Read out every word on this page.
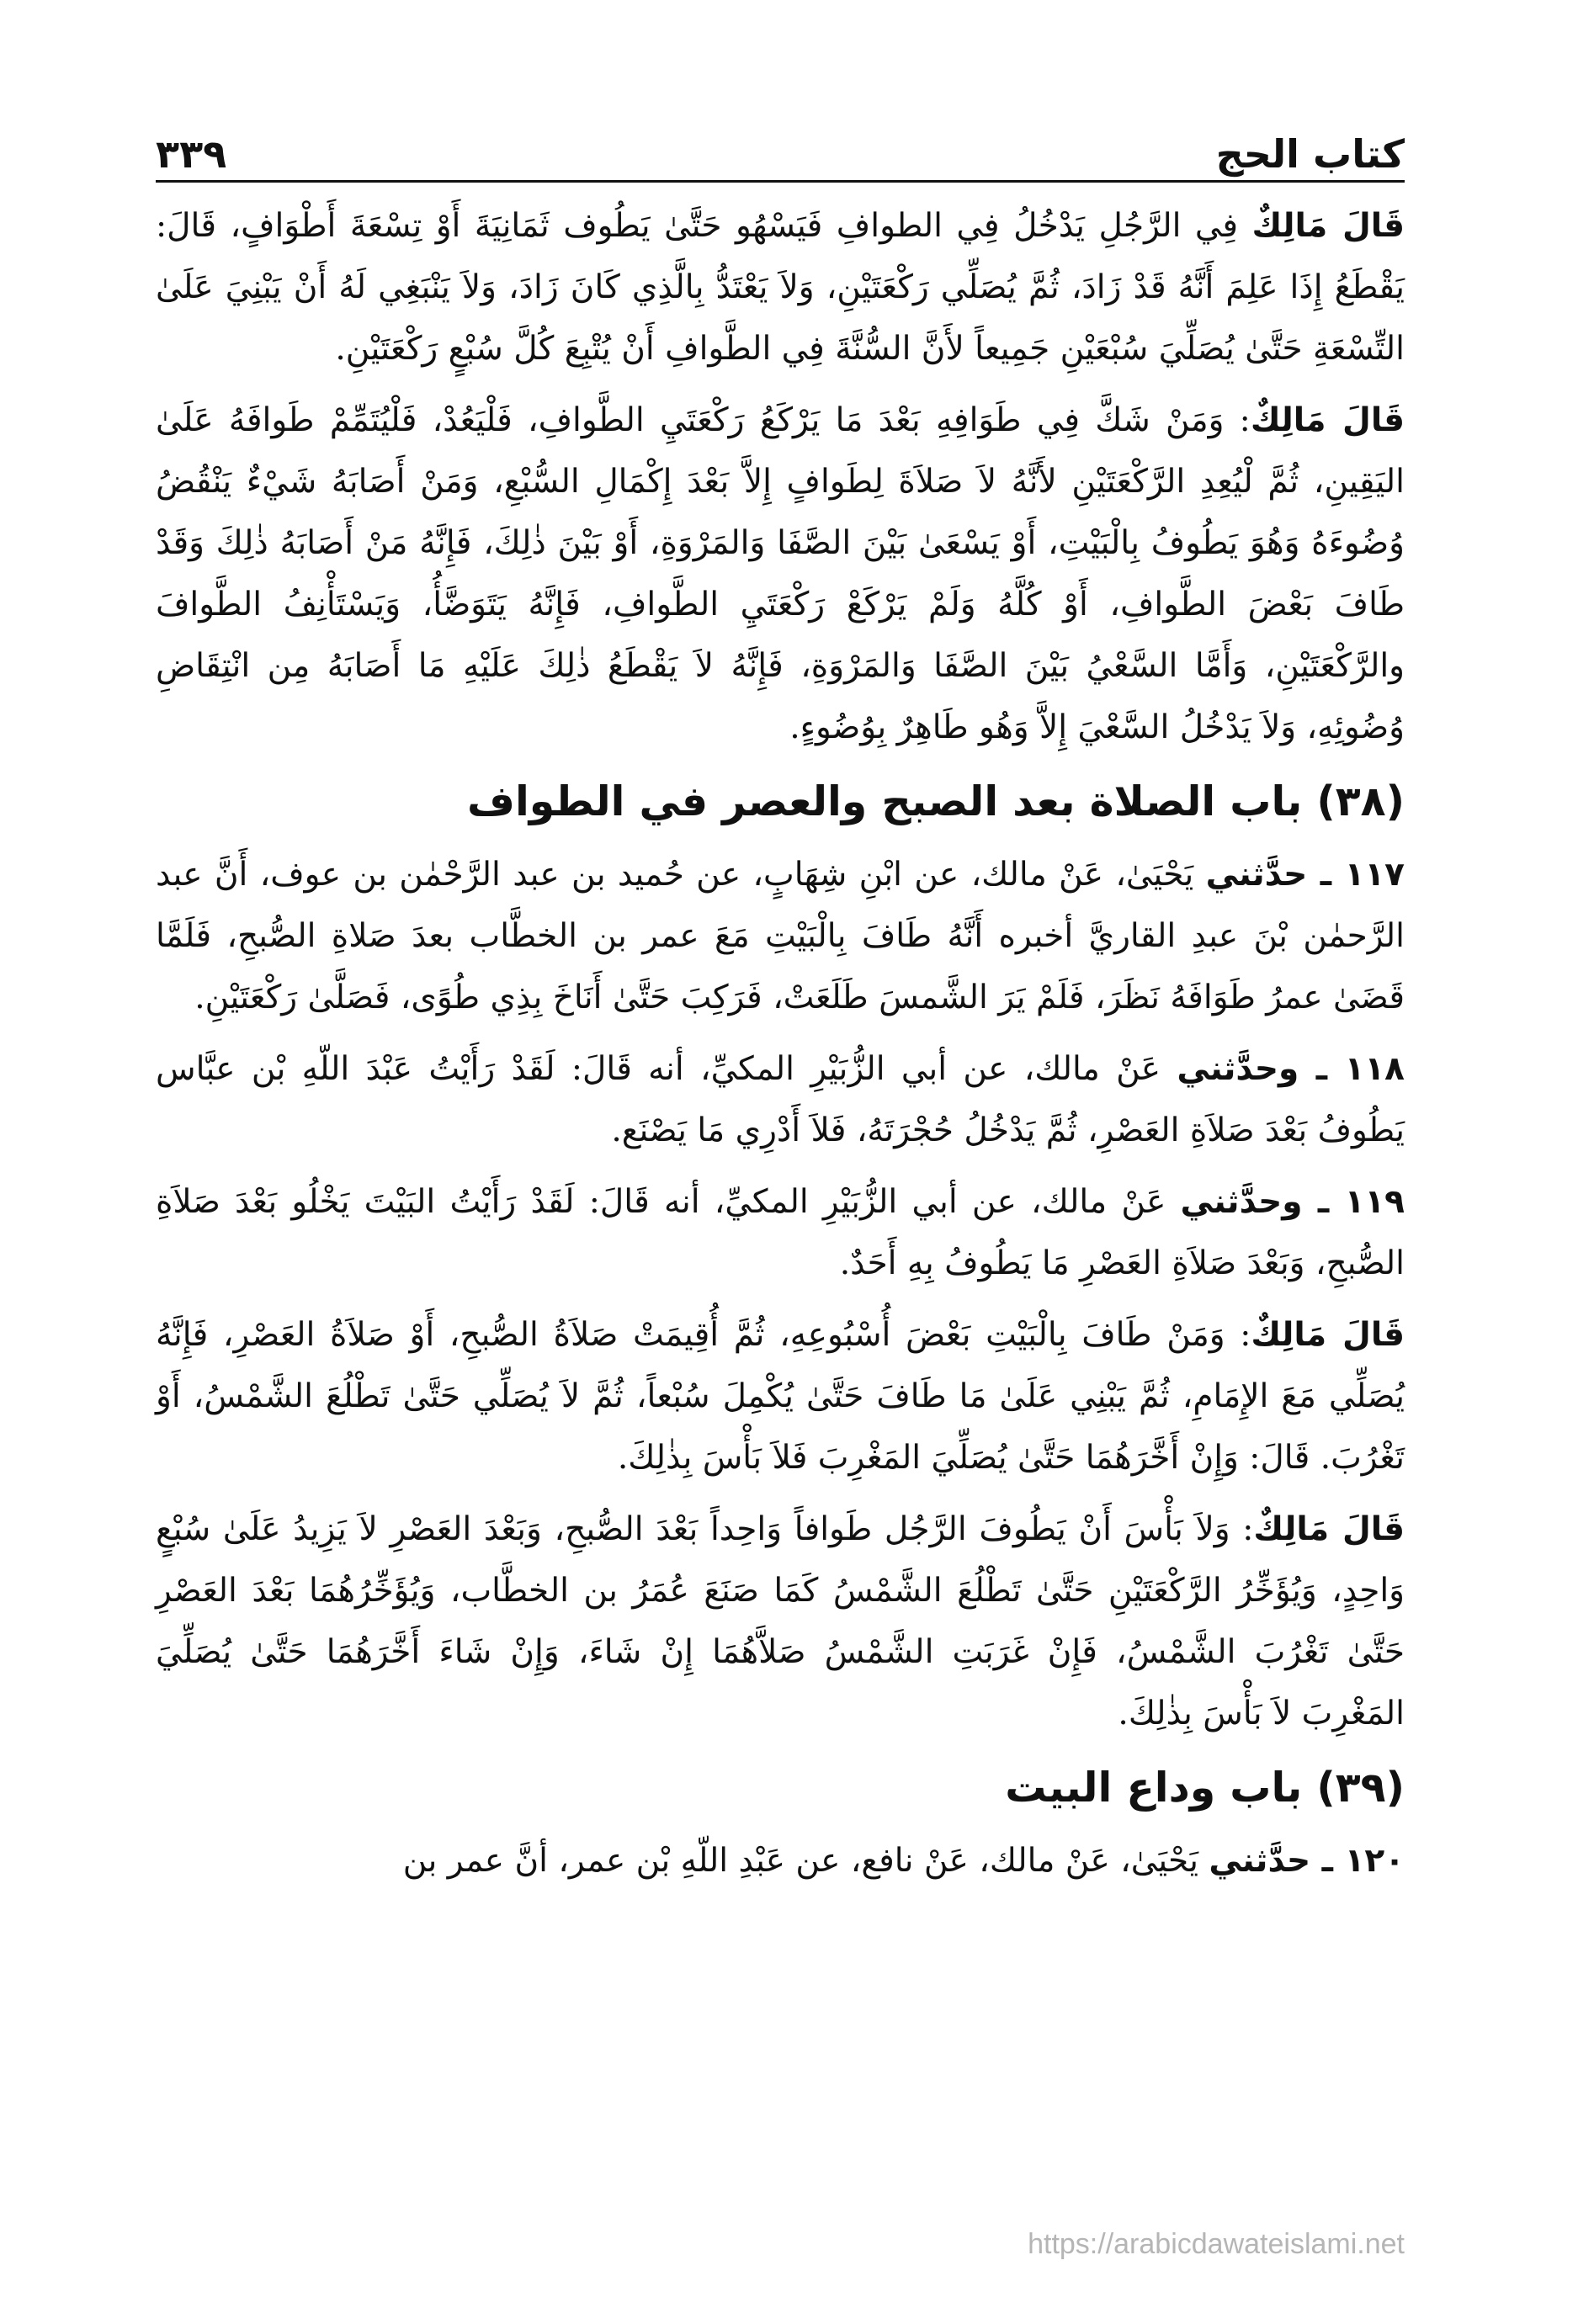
كتاب الحج
٣٣٩

قَالَ مَالِكٌ فِي الرَّجُلِ يَدْخُلُ فِي الطوافِ فَيَسْهُو حَتَّىٰ يَطُوف ثَمَانِيَةَ أَوْ تِسْعَةَ أَطْوَافٍ، قَالَ: يَقْطَعُ إِذَا عَلِمَ أَنَّهُ قَدْ زَادَ، ثُمَّ يُصَلِّي رَكْعَتَيْنِ، وَلاَ يَعْتَدُّ بِالَّذِي كَانَ زَادَ، وَلاَ يَنْبَغِي لَهُ أَنْ يَبْنِيَ عَلَىٰ التِّسْعَةِ حَتَّىٰ يُصَلِّيَ سُبْعَيْنِ جَمِيعاً لأَنَّ السُّنَّةَ فِي الطَّوافِ أَنْ يُتْبِعَ كُلَّ سُبْعٍ رَكْعَتَيْنِ.

قَالَ مَالِكٌ: وَمَنْ شَكَّ فِي طَوَافِهِ بَعْدَ مَا يَرْكَعُ رَكْعَتَيِ الطَّوافِ، فَلْيَعُدْ، فَلْيُتَمِّمْ طَوافَهُ عَلَىٰ اليَقِينِ، ثُمَّ لْيُعِدِ الرَّكْعَتَيْنِ لأَنَّهُ لاَ صَلاَةَ لِطَوافٍ إِلاَّ بَعْدَ إِكْمَالِ السُّبْعِ، وَمَنْ أَصَابَهُ شَيْءٌ يَنْقُضُ وُضُوءَهُ وَهُوَ يَطُوفُ بِالْبَيْتِ، أَوْ يَسْعَىٰ بَيْنَ الصَّفَا وَالمَرْوَةِ، أَوْ بَيْنَ ذٰلِكَ، فَإِنَّهُ مَنْ أَصَابَهُ ذٰلِكَ وَقَدْ طَافَ بَعْضَ الطَّوافِ، أَوْ كُلَّهُ وَلَمْ يَرْكَعْ رَكْعَتَيِ الطَّوافِ، فَإِنَّهُ يَتَوَضَّأُ، وَيَسْتَأْنِفُ الطَّوافَ والرَّكْعَتَيْنِ، وَأَمَّا السَّعْيُ بَيْنَ الصَّفَا وَالمَرْوَةِ، فَإِنَّهُ لاَ يَقْطَعُ ذٰلِكَ عَلَيْهِ مَا أَصَابَهُ مِن انْتِقَاضِ وُضُوئِهِ، وَلاَ يَدْخُلُ السَّعْيَ إِلاَّ وَهُو طَاهِرٌ بِوُضُوءٍ.

(٣٨) باب الصلاة بعد الصبح والعصر في الطواف

١١٧ ـ حدَّثني يَحْيَىٰ، عَنْ مالك، عن ابْنِ شِهَابٍ، عن حُميد بن عبد الرَّحْمٰن بن عوف، أَنَّ عبد الرَّحمٰن بْنَ عبدِ القاريَّ أخبره أَنَّهُ طَافَ بِالْبَيْتِ مَعَ عمر بن الخطَّاب بعدَ صَلاةِ الصُّبحِ، فَلَمَّا قَضَىٰ عمرُ طَوَافَهُ نَظَرَ، فَلَمْ يَرَ الشَّمسَ طَلَعَتْ، فَرَكِبَ حَتَّىٰ أَنَاخَ بِذِي طُوًى، فَصَلَّىٰ رَكْعَتَيْنِ.

١١٨ ـ وحدَّثني عَنْ مالك، عن أبي الزُّبَيْرِ المكيِّ، أنه قَالَ: لَقَدْ رَأَيْتُ عَبْدَ اللّهِ بْن عبَّاس يَطُوفُ بَعْدَ صَلاَةِ العَصْرِ، ثُمَّ يَدْخُلُ حُجْرَتَهُ، فَلاَ أَدْرِي مَا يَصْنَع.

١١٩ ـ وحدَّثني عَنْ مالك، عن أبي الزُّبَيْرِ المكيِّ، أنه قَالَ: لَقَدْ رَأَيْتُ البَيْتَ يَخْلُو بَعْدَ صَلاَةِ الصُّبحِ، وَبَعْدَ صَلاَةِ العَصْرِ مَا يَطُوفُ بِهِ أَحَدٌ.

قَالَ مَالِكٌ: وَمَنْ طَافَ بِالْبَيْتِ بَعْضَ أُسْبُوعِهِ، ثُمَّ أُقِيمَتْ صَلاَةُ الصُّبحِ، أَوْ صَلاَةُ العَصْرِ، فَإِنَّهُ يُصَلِّي مَعَ الإِمَامِ، ثُمَّ يَبْنِي عَلَىٰ مَا طَافَ حَتَّىٰ يُكْمِلَ سُبْعاً، ثُمَّ لاَ يُصَلِّي حَتَّىٰ تَطْلُعَ الشَّمْسُ، أَوْ تَغْرُبَ. قَالَ: وَإِنْ أَخَّرَهُمَا حَتَّىٰ يُصَلِّيَ المَغْرِبَ فَلاَ بَأْسَ بِذٰلِكَ.

قَالَ مَالِكٌ: وَلاَ بَأْسَ أَنْ يَطُوفَ الرَّجُل طَوافاً وَاحِداً بَعْدَ الصُّبحِ، وَبَعْدَ العَصْرِ لاَ يَزِيدُ عَلَىٰ سُبْعٍ وَاحِدٍ، وَيُؤَخِّرُ الرَّكْعَتَيْنِ حَتَّىٰ تَطْلُعَ الشَّمْسُ كَمَا صَنَعَ عُمَرُ بن الخطَّاب، وَيُؤَخِّرُهُمَا بَعْدَ العَصْرِ حَتَّىٰ تَغْرُبَ الشَّمْسُ، فَإِنْ غَرَبَتِ الشَّمْسُ صَلاَّهُمَا إِنْ شَاءَ، وَإِنْ شَاءَ أَخَّرَهُمَا حَتَّىٰ يُصَلِّيَ المَغْرِبَ لاَ بَأْسَ بِذٰلِكَ.

(٣٩) باب وداع البيت

١٢٠ ـ حدَّثني يَحْيَىٰ، عَنْ مالك، عَنْ نافع، عن عَبْدِ اللّهِ بْن عمر، أنَّ عمر بن

https://arabicdawateislami.net
